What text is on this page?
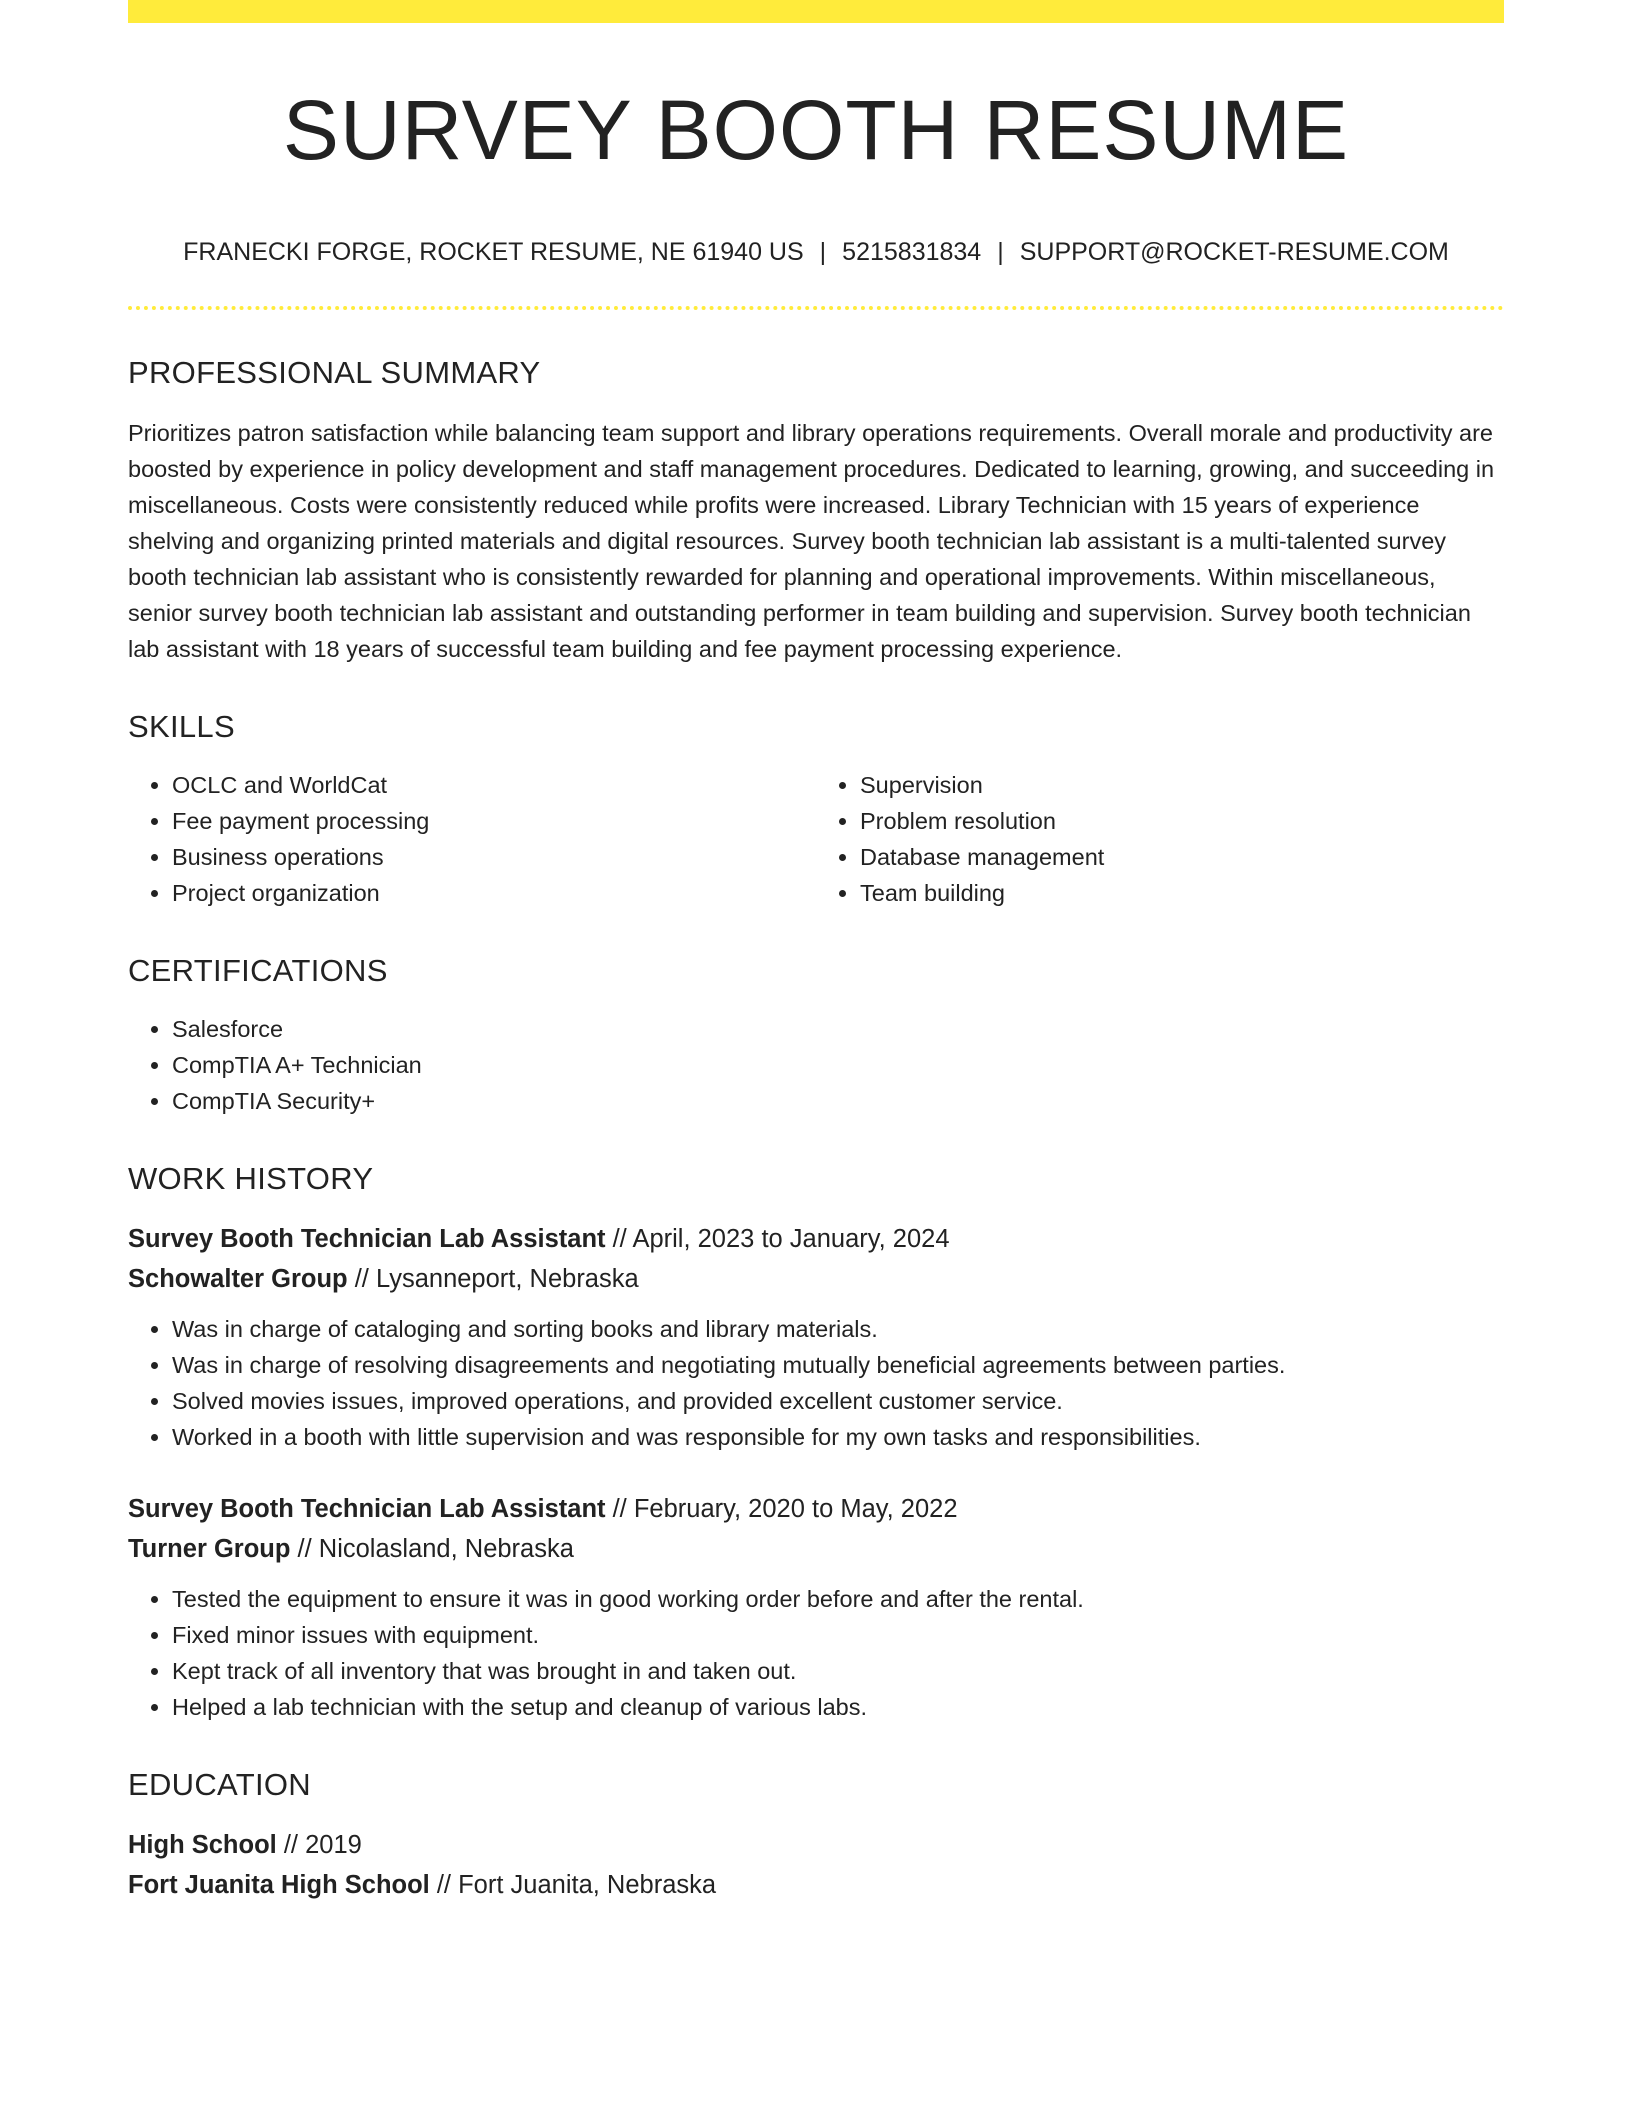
SURVEY BOOTH RESUME
FRANECKI FORGE, ROCKET RESUME, NE 61940 US | 5215831834 | SUPPORT@ROCKET-RESUME.COM
PROFESSIONAL SUMMARY

Prioritizes patron satisfaction while balancing team support and library operations requirements. Overall morale and productivity are boosted by experience in policy development and staff management procedures. Dedicated to learning, growing, and succeeding in miscellaneous. Costs were consistently reduced while profits were increased. Library Technician with 15 years of experience shelving and organizing printed materials and digital resources. Survey booth technician lab assistant is a multi-talented survey booth technician lab assistant who is consistently rewarded for planning and operational improvements. Within miscellaneous, senior survey booth technician lab assistant and outstanding performer in team building and supervision. Survey booth technician lab assistant with 18 years of successful team building and fee payment processing experience.

SKILLS
• OCLC and WorldCat
• Fee payment processing
• Business operations
• Project organization
• Supervision
• Problem resolution
• Database management
• Team building
CERTIFICATIONS
• Salesforce
• CompTIA A+ Technician
• CompTIA Security+
WORK HISTORY
Survey Booth Technician Lab Assistant // April, 2023 to January, 2024
Schowalter Group // Lysanneport, Nebraska
• Was in charge of cataloging and sorting books and library materials.
• Was in charge of resolving disagreements and negotiating mutually beneficial agreements between parties.
• Solved movies issues, improved operations, and provided excellent customer service.
• Worked in a booth with little supervision and was responsible for my own tasks and responsibilities.
Survey Booth Technician Lab Assistant // February, 2020 to May, 2022
Turner Group // Nicolasland, Nebraska
• Tested the equipment to ensure it was in good working order before and after the rental.
• Fixed minor issues with equipment.
• Kept track of all inventory that was brought in and taken out.
• Helped a lab technician with the setup and cleanup of various labs.
EDUCATION
High School // 2019
Fort Juanita High School // Fort Juanita, Nebraska
